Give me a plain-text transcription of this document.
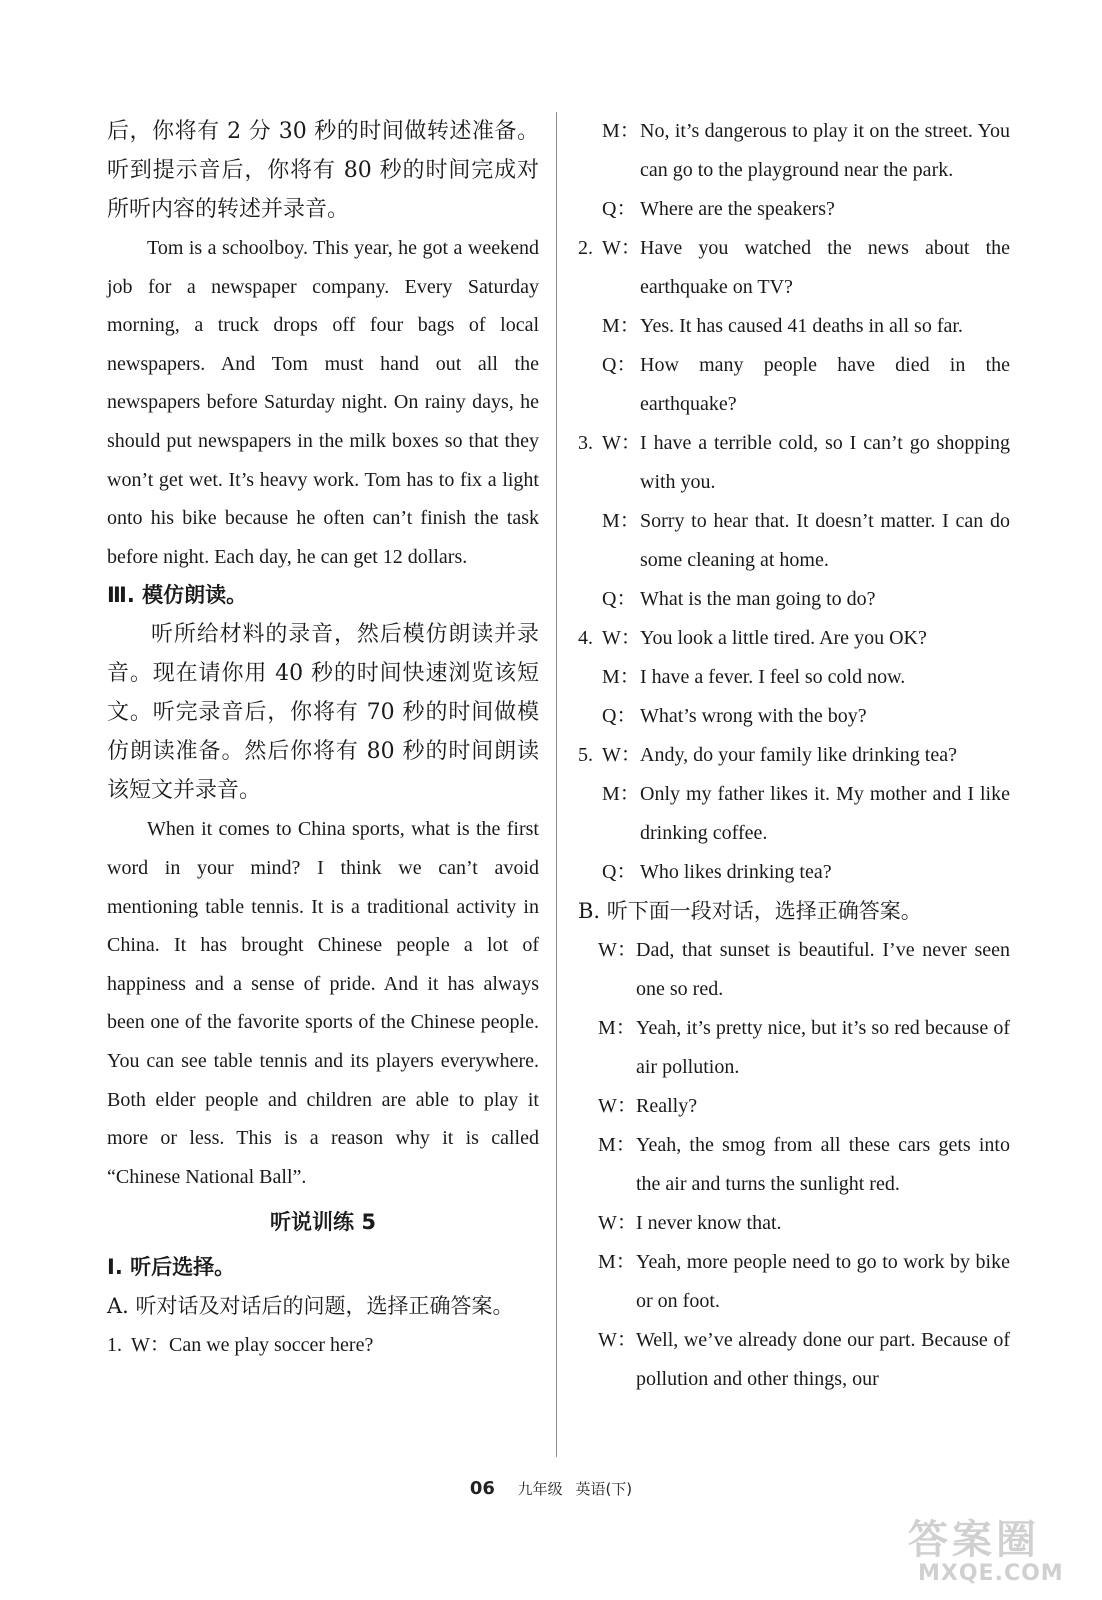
后，你将有 2 分 30 秒的时间做转述准备。听到提示音后，你将有 80 秒的时间完成对所听内容的转述并录音。

Tom is a schoolboy. This year, he got a weekend job for a newspaper company. Every Saturday morning, a truck drops off four bags of local newspapers. And Tom must hand out all the newspapers before Saturday night. On rainy days, he should put newspapers in the milk boxes so that they won’t get wet. It’s heavy work. Tom has to fix a light onto his bike because he often can’t finish the task before night. Each day, he can get 12 dollars.

Ⅲ. 模仿朗读。

听所给材料的录音，然后模仿朗读并录音。现在请你用 40 秒的时间快速浏览该短文。听完录音后，你将有 70 秒的时间做模仿朗读准备。然后你将有 80 秒的时间朗读该短文并录音。

When it comes to China sports, what is the first word in your mind? I think we can’t avoid mentioning table tennis. It is a traditional activity in China. It has brought Chinese people a lot of happiness and a sense of pride. And it has always been one of the favorite sports of the Chinese people. You can see table tennis and its players everywhere. Both elder people and children are able to play it more or less. This is a reason why it is called “Chinese National Ball”.

听说训练 5

Ⅰ. 听后选择。

A. 听对话及对话后的问题，选择正确答案。

1. W： Can we play soccer here?
M： No, it’s dangerous to play it on the street. You can go to the playground near the park.
Q： Where are the speakers?
2. W： Have you watched the news about the earthquake on TV?
M： Yes. It has caused 41 deaths in all so far.
Q： How many people have died in the earthquake?
3. W： I have a terrible cold, so I can’t go shopping with you.
M： Sorry to hear that. It doesn’t matter. I can do some cleaning at home.
Q： What is the man going to do?
4. W： You look a little tired. Are you OK?
M： I have a fever. I feel so cold now.
Q： What’s wrong with the boy?
5. W： Andy, do your family like drinking tea?
M： Only my father likes it. My mother and I like drinking coffee.
Q： Who likes drinking tea?

B. 听下面一段对话，选择正确答案。

W： Dad, that sunset is beautiful. I’ve never seen one so red.
M： Yeah, it’s pretty nice, but it’s so red because of air pollution.
W： Really?
M： Yeah, the smog from all these cars gets into the air and turns the sunlight red.
W： I never know that.
M： Yeah, more people need to go to work by bike or on foot.
W： Well, we’ve already done our part. Because of pollution and other things, our
06 九年级 英语(下)
答案圈
MXQE.COM
